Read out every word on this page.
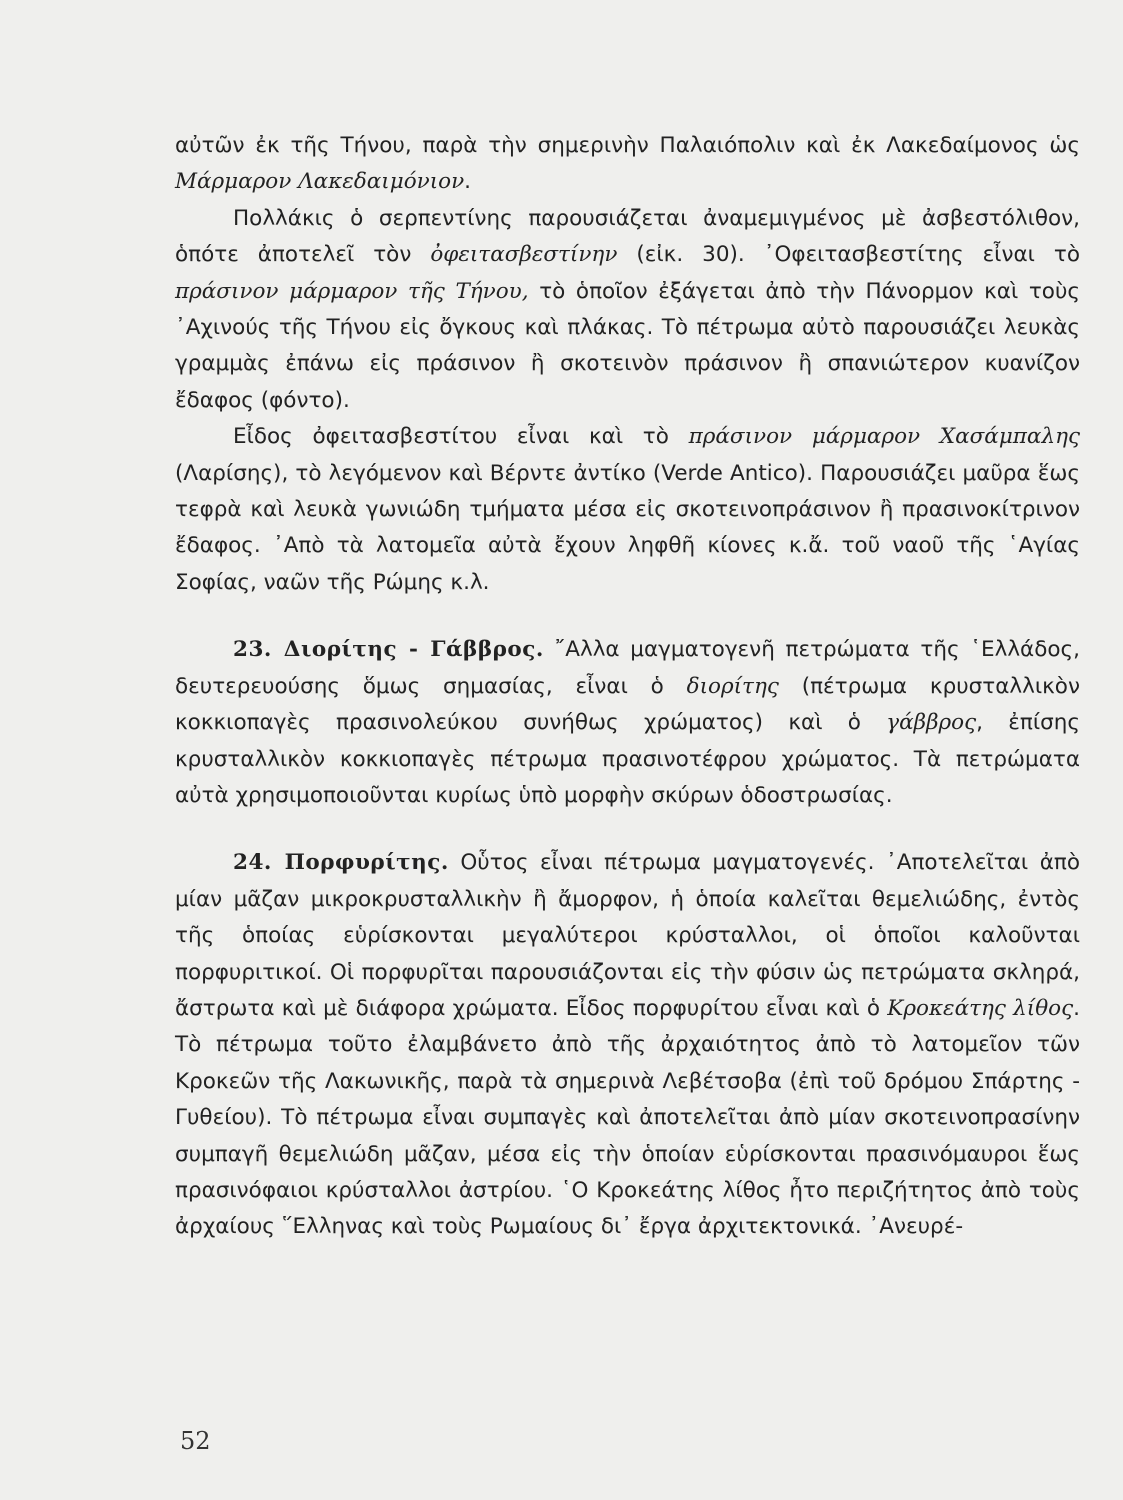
αὐτῶν ἐκ τῆς Τήνου, παρὰ τὴν σημερινὴν Παλαιόπολιν καὶ ἐκ Λακεδαίμονος ὡς Μάρμαρον Λακεδαιμόνιον.

Πολλάκις ὁ σερπεντίνης παρουσιάζεται ἀναμεμιγμένος μὲ ἀσβεστόλιθον, ὁπότε ἀποτελεῖ τὸν ὀφειτασβεστίνην (εἰκ. 30). ᾿Οφειτασβεστίτης εἶναι τὸ πράσινον μάρμαρον τῆς Τήνου, τὸ ὁποῖον ἐξάγεται ἀπὸ τὴν Πάνορμον καὶ τοὺς ᾿Αχινούς τῆς Τήνου εἰς ὄγκους καὶ πλάκας. Τὸ πέτρωμα αὐτὸ παρουσιάζει λευκὰς γραμμὰς ἐπάνω εἰς πράσινον ἢ σκοτεινὸν πράσινον ἢ σπανιώτερον κυανίζον ἔδαφος (φόντο).

Εἶδος ὀφειτασβεστίτου εἶναι καὶ τὸ πράσινον μάρμαρον Χασάμπαλης (Λαρίσης), τὸ λεγόμενον καὶ Βέρντε ἀντίκο (Verde Antico). Παρουσιάζει μαῦρα ἕως τεφρὰ καὶ λευκὰ γωνιώδη τμήματα μέσα εἰς σκοτεινοπράσινον ἢ πρασινοκίτρινον ἔδαφος. ᾿Απὸ τὰ λατομεῖα αὐτὰ ἔχουν ληφθῆ κίονες κ.ἄ. τοῦ ναοῦ τῆς ῾Αγίας Σοφίας, ναῶν τῆς Ρώμης κ.λ.

23. Διορίτης - Γάββρος. ῎Αλλα μαγματογενῆ πετρώματα τῆς ῾Ελλάδος, δευτερευούσης ὅμως σημασίας, εἶναι ὁ διορίτης (πέτρωμα κρυσταλλικὸν κοκκιοπαγὲς πρασινολεύκου συνήθως χρώματος) καὶ ὁ γάββρος, ἐπίσης κρυσταλλικὸν κοκκιοπαγὲς πέτρωμα πρασινοτέφρου χρώματος. Τὰ πετρώματα αὐτὰ χρησιμοποιοῦνται κυρίως ὑπὸ μορφὴν σκύρων ὁδοστρωσίας.

24. Πορφυρίτης. Οὗτος εἶναι πέτρωμα μαγματογενές. ᾿Αποτελεῖται ἀπὸ μίαν μᾶζαν μικροκρυσταλλικὴν ἢ ἄμορφον, ἡ ὁποία καλεῖται θεμελιώδης, ἐντὸς τῆς ὁποίας εὑρίσκονται μεγαλύτεροι κρύσταλλοι, οἱ ὁποῖοι καλοῦνται πορφυριτικοί. Οἱ πορφυρῖται παρουσιάζονται εἰς τὴν φύσιν ὡς πετρώματα σκληρά, ἄστρωτα καὶ μὲ διάφορα χρώματα. Εἶδος πορφυρίτου εἶναι καὶ ὁ Κροκεάτης λίθος. Τὸ πέτρωμα τοῦτο ἐλαμβάνετο ἀπὸ τῆς ἀρχαιότητος ἀπὸ τὸ λατομεῖον τῶν Κροκεῶν τῆς Λακωνικῆς, παρὰ τὰ σημερινὰ Λεβέτσοβα (ἐπὶ τοῦ δρόμου Σπάρτης - Γυθείου). Τὸ πέτρωμα εἶναι συμπαγὲς καὶ ἀποτελεῖται ἀπὸ μίαν σκοτεινοπρασίνην συμπαγῆ θεμελιώδη μᾶζαν, μέσα εἰς τὴν ὁποίαν εὑρίσκονται πρασινόμαυροι ἕως πρασινόφαιοι κρύσταλλοι ἀστρίου. ῾Ο Κροκεάτης λίθος ἦτο περιζήτητος ἀπὸ τοὺς ἀρχαίους ῞Ελληνας καὶ τοὺς Ρωμαίους δι᾿ ἔργα ἀρχιτεκτονικά. ᾿Ανευρέ-

52
